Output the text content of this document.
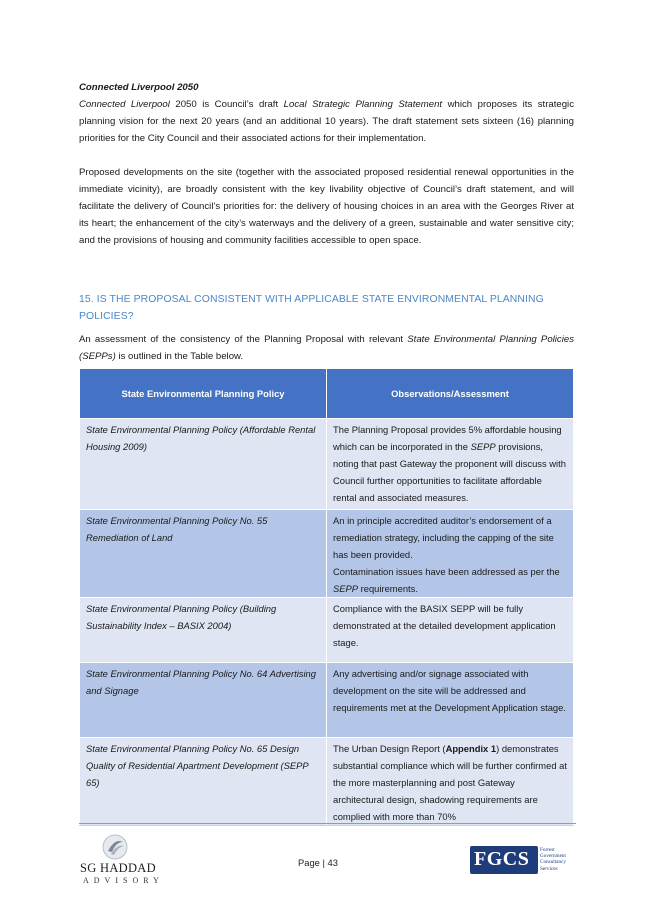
Connected Liverpool 2050

Connected Liverpool 2050 is Council’s draft Local Strategic Planning Statement which proposes its strategic planning vision for the next 20 years (and an additional 10 years). The draft statement sets sixteen (16) planning priorities for the City Council and their associated actions for their implementation.

Proposed developments on the site (together with the associated proposed residential renewal opportunities in the immediate vicinity), are broadly consistent with the key livability objective of Council’s draft statement, and will facilitate the delivery of Council’s priorities for: the delivery of housing choices in an area with the Georges River at its heart; the enhancement of the city’s waterways and the delivery of a green, sustainable and water sensitive city; and the provisions of housing and community facilities accessible to open space.

15. IS THE PROPOSAL CONSISTENT WITH APPLICABLE STATE ENVIRONMENTAL PLANNING POLICIES?

An assessment of the consistency of the Planning Proposal with relevant State Environmental Planning Policies (SEPPs) is outlined in the Table below.

State Environmental Planning Policy	Observations/Assessment
State Environmental Planning Policy (Affordable Rental Housing 2009)	The Planning Proposal provides 5% affordable housing which can be incorporated in the SEPP provisions, noting that past Gateway the proponent will discuss with Council further opportunities to facilitate affordable rental and associated measures.
State Environmental Planning Policy No. 55 Remediation of Land	An in principle accredited auditor’s endorsement of a remediation strategy, including the capping of the site has been provided.
Contamination issues have been addressed as per the SEPP requirements.
State Environmental Planning Policy (Building Sustainability Index – BASIX 2004)	Compliance with the BASIX SEPP will be fully demonstrated at the detailed development application stage.
State Environmental Planning Policy No. 64 Advertising and Signage	Any advertising and/or signage associated with development on the site will be addressed and requirements met at the Development Application stage.
State Environmental Planning Policy No. 65 Design Quality of Residential Apartment Development (SEPP 65)	The Urban Design Report (Appendix 1) demonstrates substantial compliance which will be further confirmed at the more masterplanning and post Gateway architectural design, shadowing requirements are complied with more than 70%
SG HADDAD
ADVISORY
Page | 43	FGCS Forrest
Government
Consultancy
Services
